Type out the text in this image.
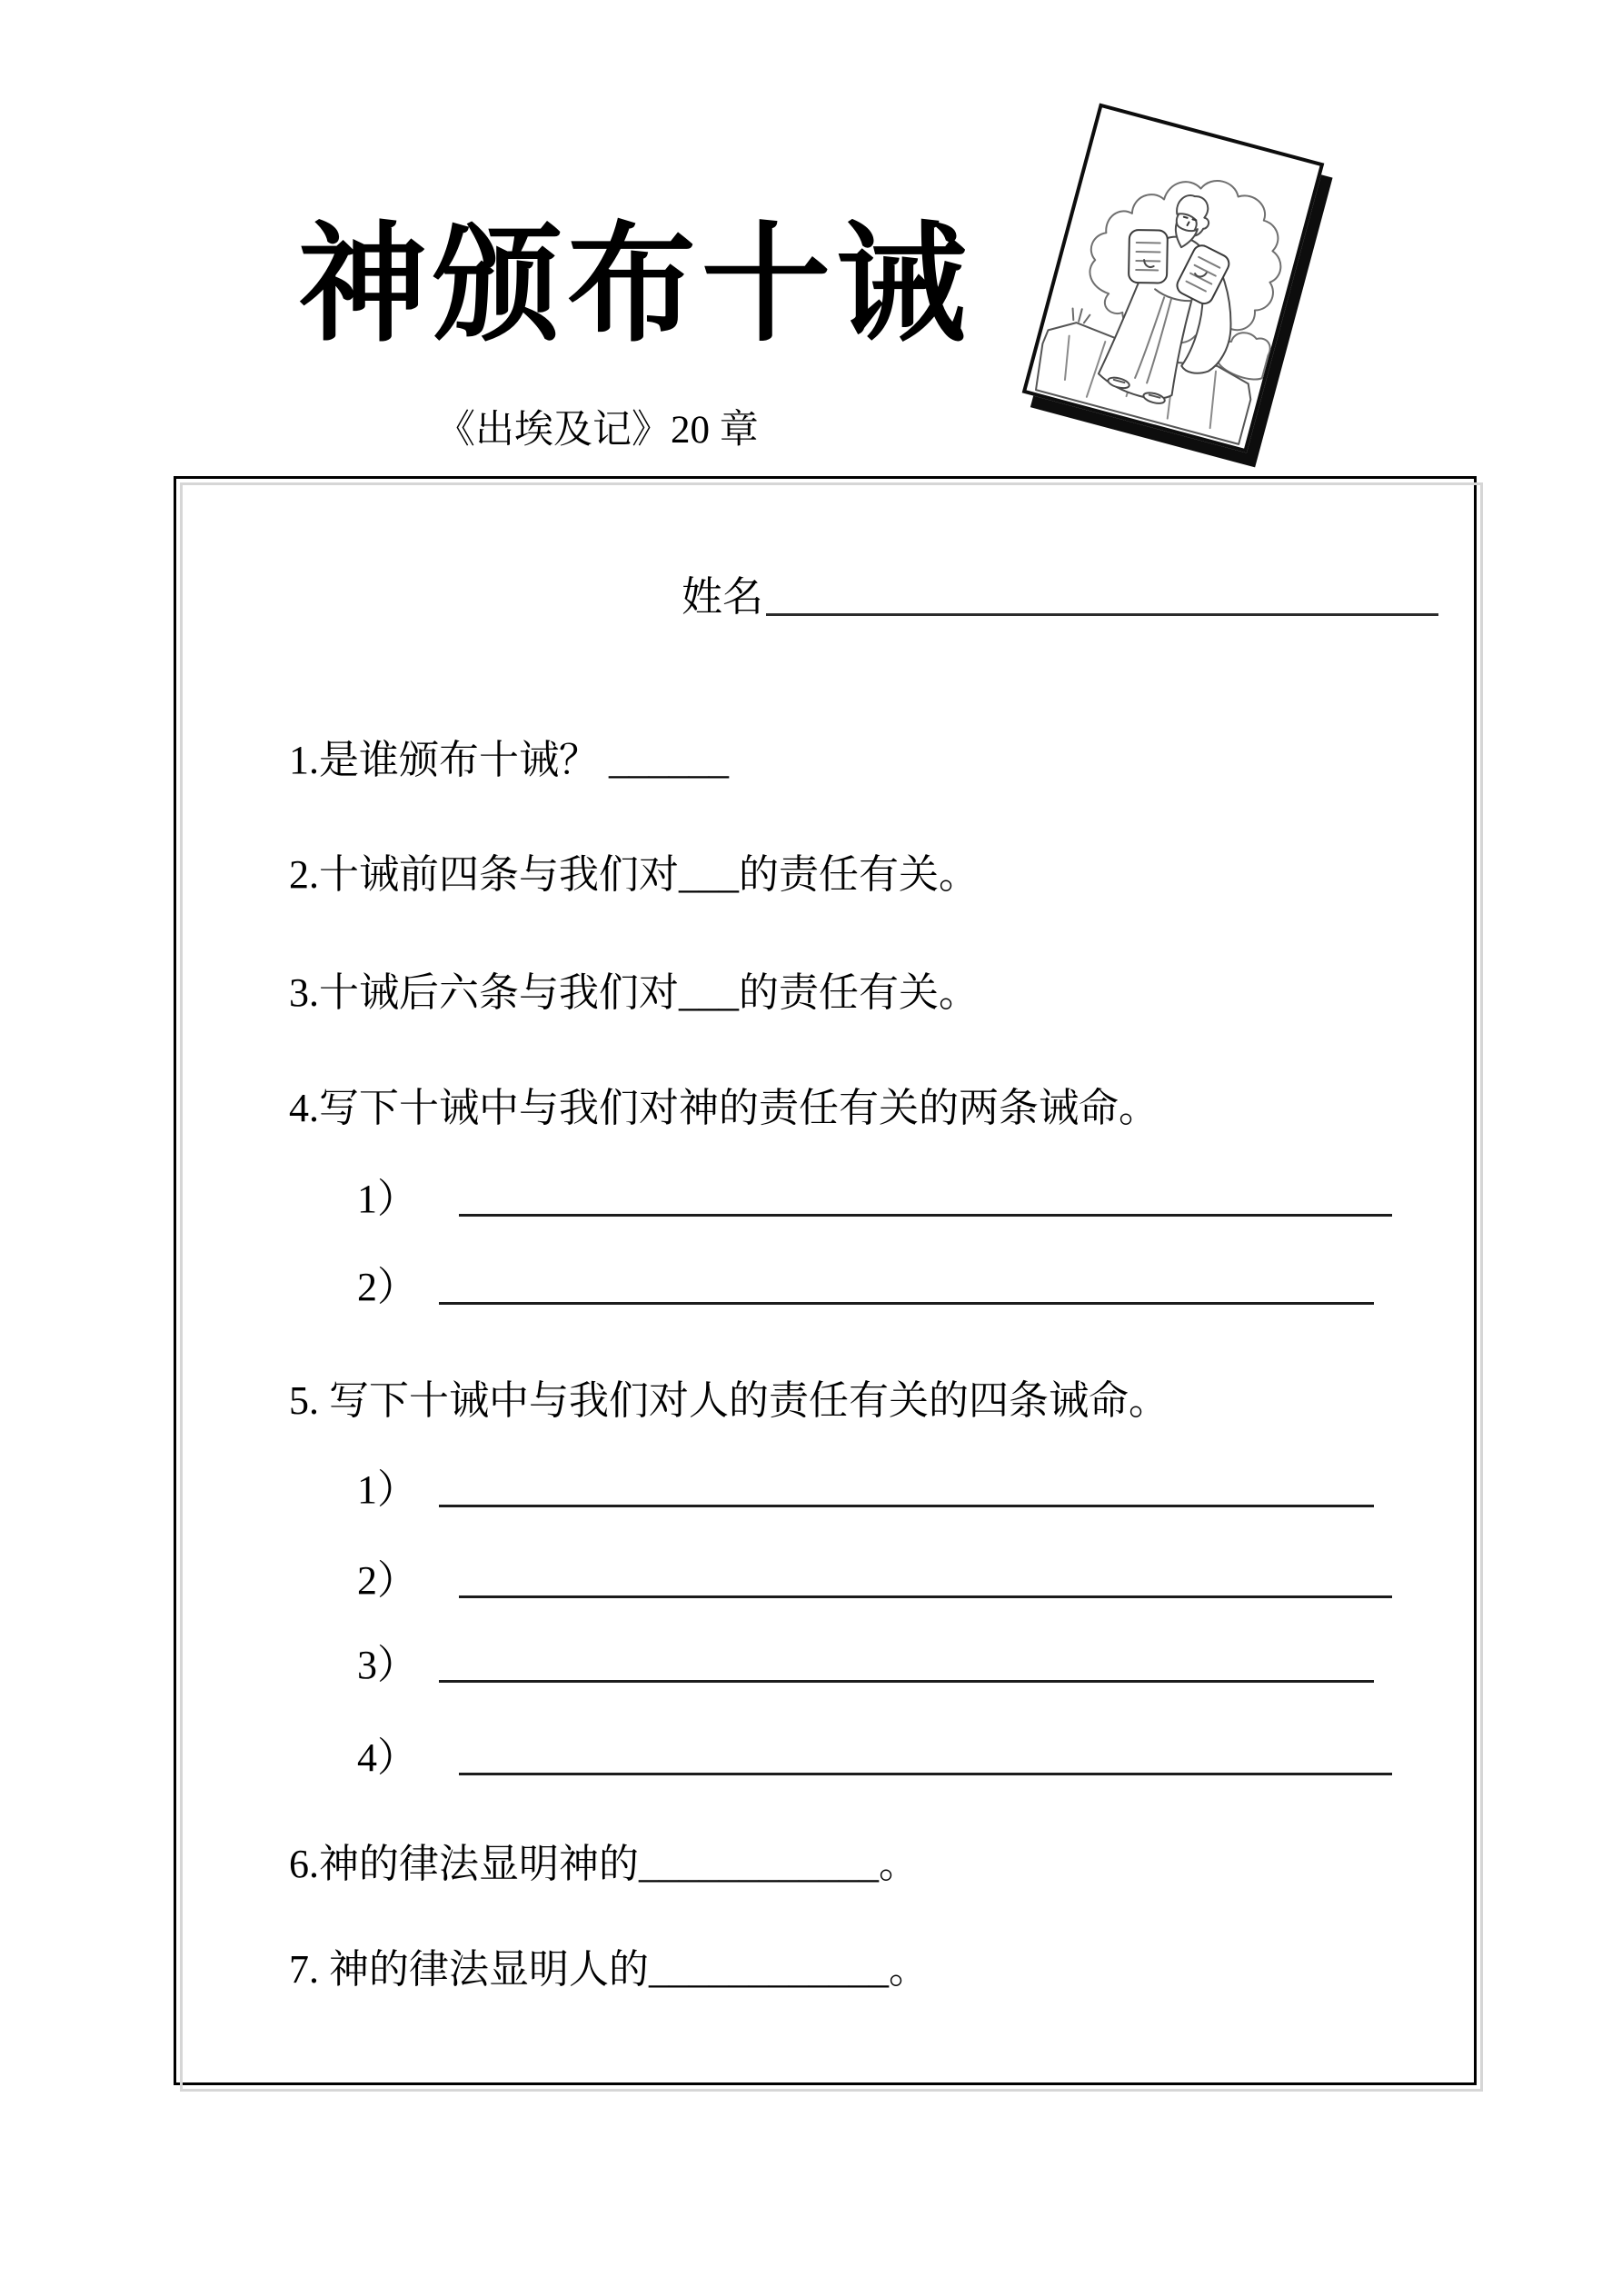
神颁布十诫
《出埃及记》20 章
姓名
1.是谁颁布十诫？ ______
2.十诫前四条与我们对___的责任有关。
3.十诫后六条与我们对___的责任有关。
4.写下十诫中与我们对神的责任有关的两条诫命。
1）
2）
5. 写下十诫中与我们对人的责任有关的四条诫命。
1）
2）
3）
4）
6.神的律法显明神的____________。
7. 神的律法显明人的____________。
